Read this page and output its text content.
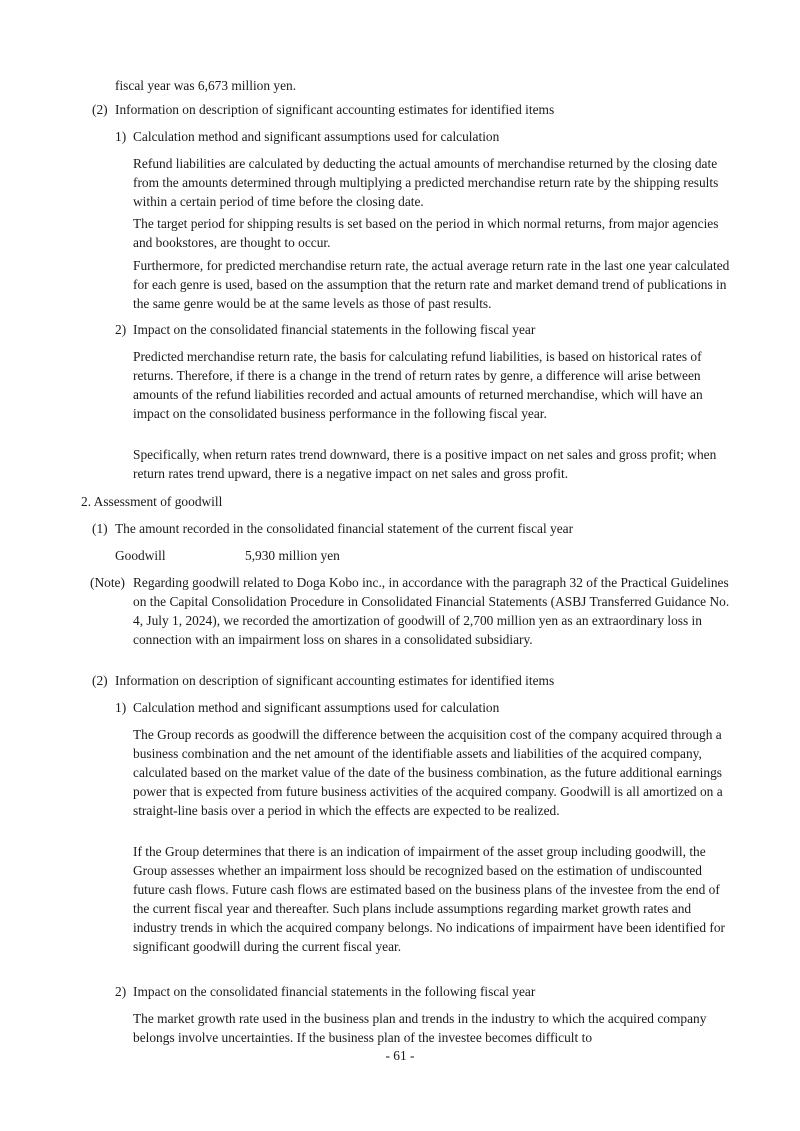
fiscal year was 6,673 million yen.
(2) Information on description of significant accounting estimates for identified items
1) Calculation method and significant assumptions used for calculation
Refund liabilities are calculated by deducting the actual amounts of merchandise returned by the closing date from the amounts determined through multiplying a predicted merchandise return rate by the shipping results within a certain period of time before the closing date.
The target period for shipping results is set based on the period in which normal returns, from major agencies and bookstores, are thought to occur.
Furthermore, for predicted merchandise return rate, the actual average return rate in the last one year calculated for each genre is used, based on the assumption that the return rate and market demand trend of publications in the same genre would be at the same levels as those of past results.
2) Impact on the consolidated financial statements in the following fiscal year
Predicted merchandise return rate, the basis for calculating refund liabilities, is based on historical rates of returns. Therefore, if there is a change in the trend of return rates by genre, a difference will arise between amounts of the refund liabilities recorded and actual amounts of returned merchandise, which will have an impact on the consolidated business performance in the following fiscal year.
Specifically, when return rates trend downward, there is a positive impact on net sales and gross profit; when return rates trend upward, there is a negative impact on net sales and gross profit.
2. Assessment of goodwill
(1) The amount recorded in the consolidated financial statement of the current fiscal year
Goodwill	5,930 million yen
(Note) Regarding goodwill related to Doga Kobo inc., in accordance with the paragraph 32 of the Practical Guidelines on the Capital Consolidation Procedure in Consolidated Financial Statements (ASBJ Transferred Guidance No. 4, July 1, 2024), we recorded the amortization of goodwill of 2,700 million yen as an extraordinary loss in connection with an impairment loss on shares in a consolidated subsidiary.
(2) Information on description of significant accounting estimates for identified items
1) Calculation method and significant assumptions used for calculation
The Group records as goodwill the difference between the acquisition cost of the company acquired through a business combination and the net amount of the identifiable assets and liabilities of the acquired company, calculated based on the market value of the date of the business combination, as the future additional earnings power that is expected from future business activities of the acquired company. Goodwill is all amortized on a straight-line basis over a period in which the effects are expected to be realized.
If the Group determines that there is an indication of impairment of the asset group including goodwill, the Group assesses whether an impairment loss should be recognized based on the estimation of undiscounted future cash flows. Future cash flows are estimated based on the business plans of the investee from the end of the current fiscal year and thereafter. Such plans include assumptions regarding market growth rates and industry trends in which the acquired company belongs. No indications of impairment have been identified for significant goodwill during the current fiscal year.
2) Impact on the consolidated financial statements in the following fiscal year
The market growth rate used in the business plan and trends in the industry to which the acquired company belongs involve uncertainties. If the business plan of the investee becomes difficult to
- 61 -
